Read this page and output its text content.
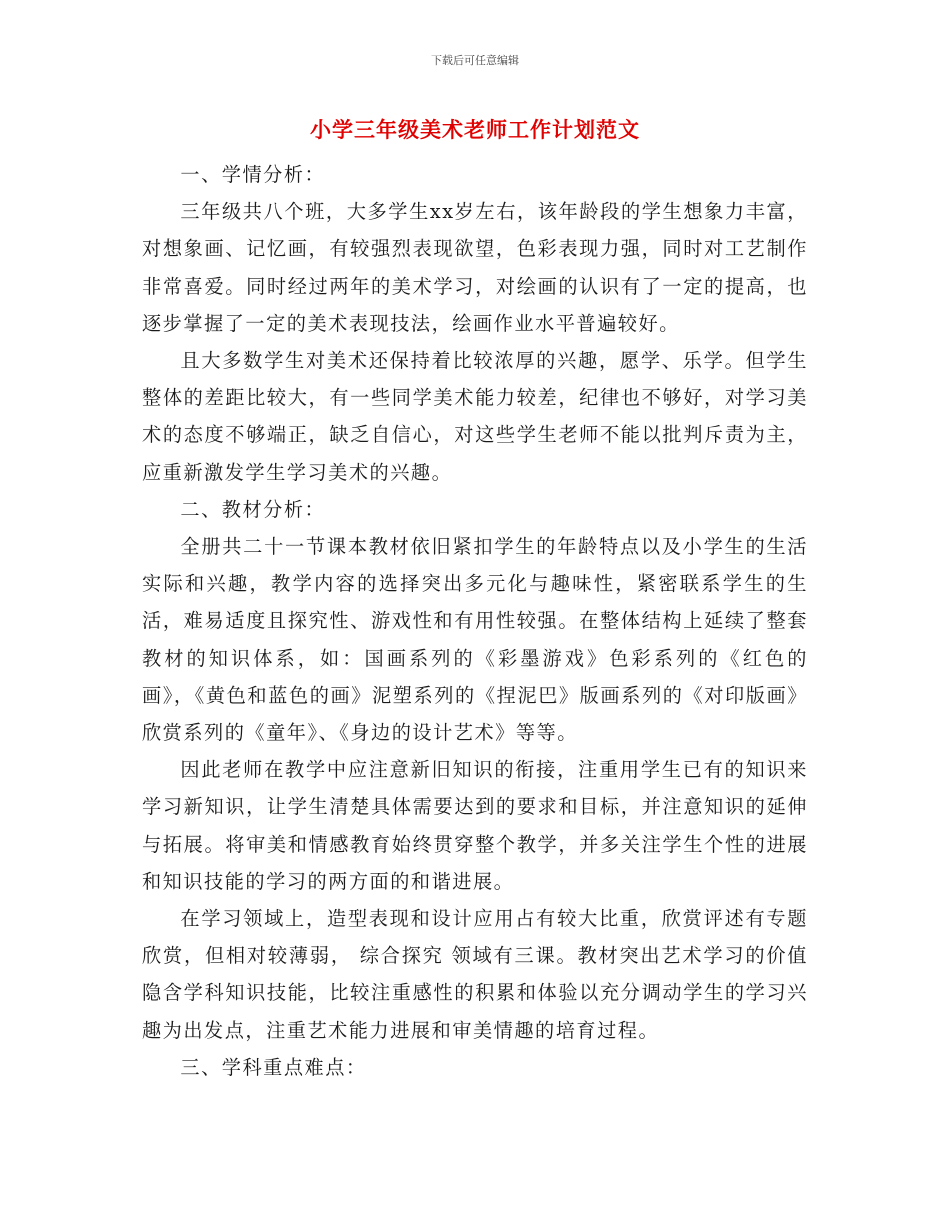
下载后可任意编辑
小学三年级美术老师工作计划范文

一、学情分析：

三年级共八个班，大多学生xx岁左右，该年龄段的学生想象力丰富，对想象画、记忆画，有较强烈表现欲望，色彩表现力强，同时对工艺制作非常喜爱。同时经过两年的美术学习，对绘画的认识有了一定的提高，也逐步掌握了一定的美术表现技法，绘画作业水平普遍较好。

且大多数学生对美术还保持着比较浓厚的兴趣，愿学、乐学。但学生整体的差距比较大，有一些同学美术能力较差，纪律也不够好，对学习美术的态度不够端正，缺乏自信心，对这些学生老师不能以批判斥责为主，应重新激发学生学习美术的兴趣。

二、教材分析：

全册共二十一节课本教材依旧紧扣学生的年龄特点以及小学生的生活实际和兴趣，教学内容的选择突出多元化与趣味性，紧密联系学生的生活，难易适度且探究性、游戏性和有用性较强。在整体结构上延续了整套教材的知识体系，如：国画系列的《彩墨游戏》色彩系列的《红色的画》，《黄色和蓝色的画》泥塑系列的《捏泥巴》版画系列的《对印版画》欣赏系列的《童年》、《身边的设计艺术》等等。

因此老师在教学中应注意新旧知识的衔接，注重用学生已有的知识来学习新知识，让学生清楚具体需要达到的要求和目标，并注意知识的延伸与拓展。将审美和情感教育始终贯穿整个教学，并多关注学生个性的进展和知识技能的学习的两方面的和谐进展。

在学习领域上，造型表现和设计应用占有较大比重，欣赏评述有专题欣赏，但相对较薄弱， 综合探究 领域有三课。教材突出艺术学习的价值隐含学科知识技能，比较注重感性的积累和体验以充分调动学生的学习兴趣为出发点，注重艺术能力进展和审美情趣的培育过程。

三、学科重点难点：
